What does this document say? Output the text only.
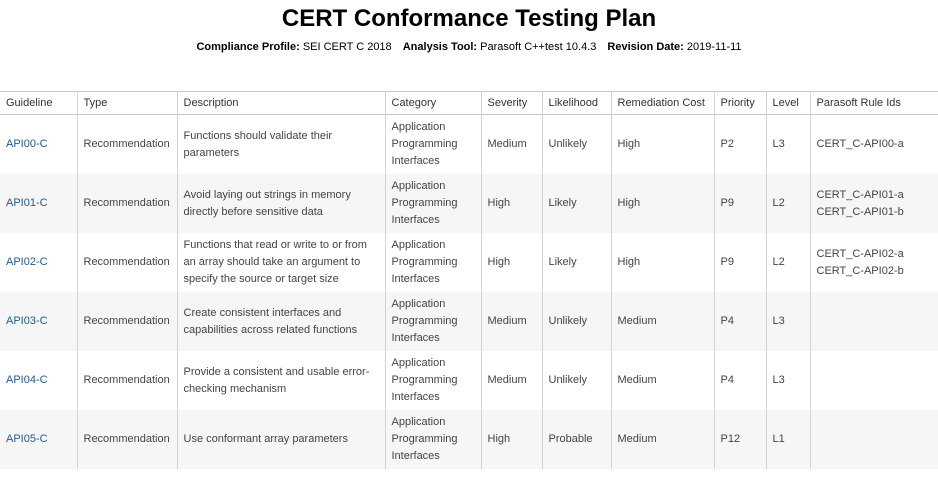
CERT Conformance Testing Plan
Compliance Profile: SEI CERT C 2018 Analysis Tool: Parasoft C++test 10.4.3 Revision Date: 2019-11-11
Guideline	Type	Description	Category	Severity	Likelihood	Remediation Cost	Priority	Level	Parasoft Rule Ids
API00-C	Recommendation	Functions should validate their parameters	Application Programming Interfaces	Medium	Unlikely	High	P2	L3	CERT_C-API00-a

API01-C	Recommendation	Avoid laying out strings in memory directly before sensitive data	Application Programming Interfaces	High	Likely	High	P9	L2	CERT_C-API01-a
CERT_C-API01-b

API02-C	Recommendation	Functions that read or write to or from an array should take an argument to specify the source or target size	Application Programming Interfaces	High	Likely	High	P9	L2	CERT_C-API02-a
CERT_C-API02-b

API03-C	Recommendation	Create consistent interfaces and capabilities across related functions	Application Programming Interfaces	Medium	Unlikely	Medium	P4	L3	
API04-C	Recommendation	Provide a consistent and usable error-checking mechanism	Application Programming Interfaces	Medium	Unlikely	Medium	P4	L3	
API05-C	Recommendation	Use conformant array parameters	Application Programming Interfaces	High	Probable	Medium	P12	L1	
